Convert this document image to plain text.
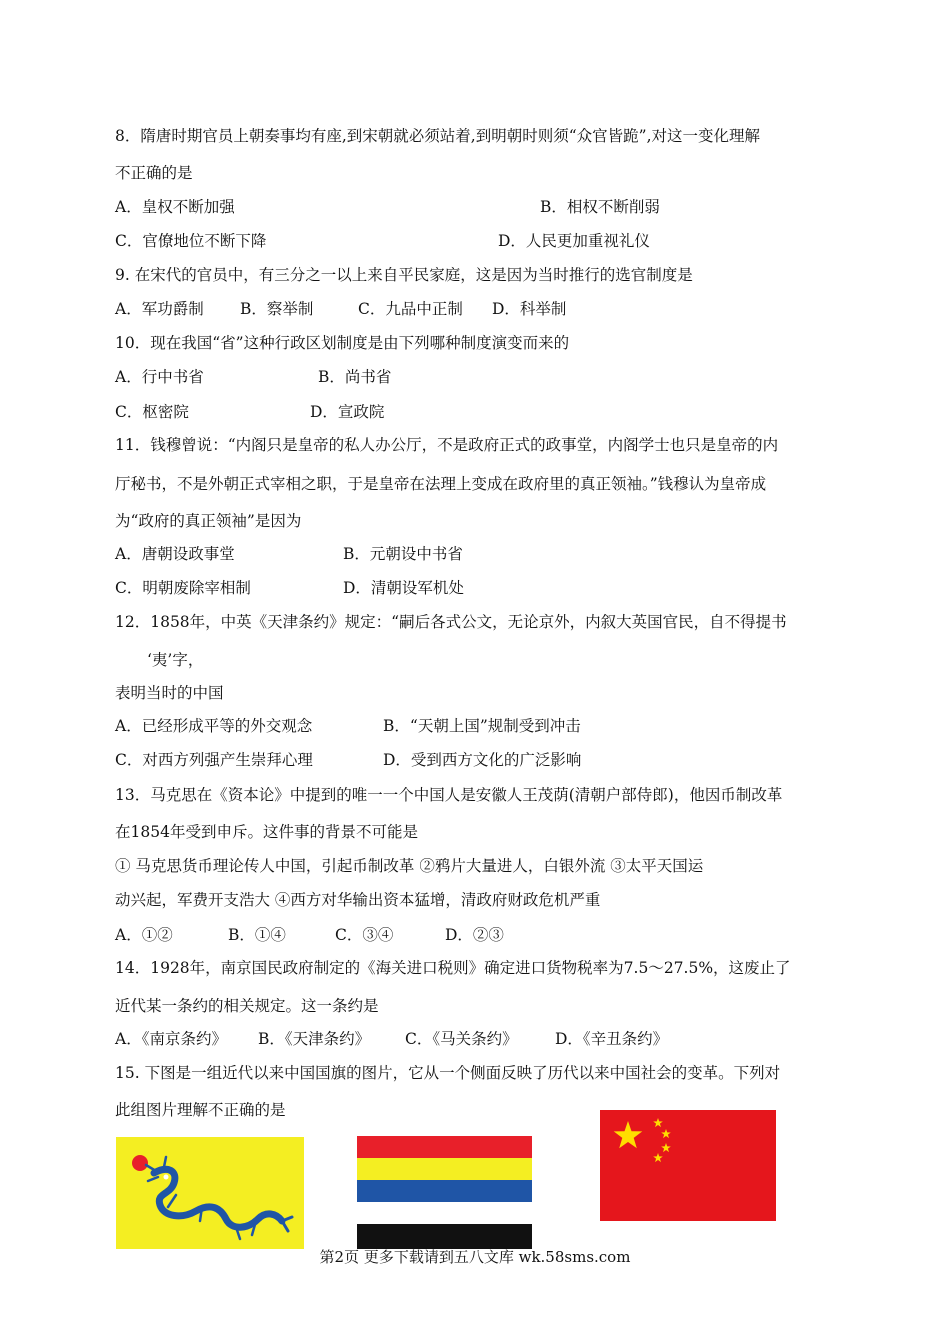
8．隋唐时期官员上朝奏事均有座,到宋朝就必须站着,到明朝时则须“众官皆跪”,对这一变化理解
不正确的是
A．皇权不断加强	B．相权不断削弱
C．官僚地位不断下降	D．人民更加重视礼仪
9. 在宋代的官员中，有三分之一以上来自平民家庭，这是因为当时推行的选官制度是
A．军功爵制 B．察举制	C．九品中正制 D．科举制
10．现在我国“省”这种行政区划制度是由下列哪种制度演变而来的
A．行中书省	B．尚书省
C．枢密院	D．宣政院
11．钱穆曾说：“内阁只是皇帝的私人办公厅，不是政府正式的政事堂，内阁学士也只是皇帝的内
厅秘书，不是外朝正式宰相之职，于是皇帝在法理上变成在政府里的真正领袖。”钱穆认为皇帝成
为“政府的真正领袖”是因为
A．唐朝设政事堂	B．元朝设中书省
C．明朝废除宰相制	D．清朝设军机处
12．1858年，中英《天津条约》规定：“嗣后各式公文，无论京外，内叙大英国官民，自不得提书
‘夷’字，
表明当时的中国
A．已经形成平等的外交观念	B．“天朝上国”规制受到冲击
C．对西方列强产生崇拜心理	D．受到西方文化的广泛影响
13．马克思在《资本论》中提到的唯一一个中国人是安徽人王茂荫(清朝户部侍郎)，他因币制改革
在1854年受到申斥。这件事的背景不可能是
① 马克思货币理论传人中国，引起币制改革 ②鸦片大量进人，白银外流 ③太平天国运
动兴起，军费开支浩大 ④西方对华输出资本猛增，清政府财政危机严重
A．①②	B．①④	C．③④	D．②③
14．1928年，南京国民政府制定的《海关进口税则》确定进口货物税率为7.5～27.5%，这废止了
近代某一条约的相关规定。这一条约是
A．《南京条约》 B．《天津条约》 C．《马关条约》 D．《辛丑条约》
15. 下图是一组近代以来中国国旗的图片，它从一个侧面反映了历代以来中国社会的变革。下列对
此组图片理解不正确的是
第2页 更多下载请到五八文库 wk.58sms.com
